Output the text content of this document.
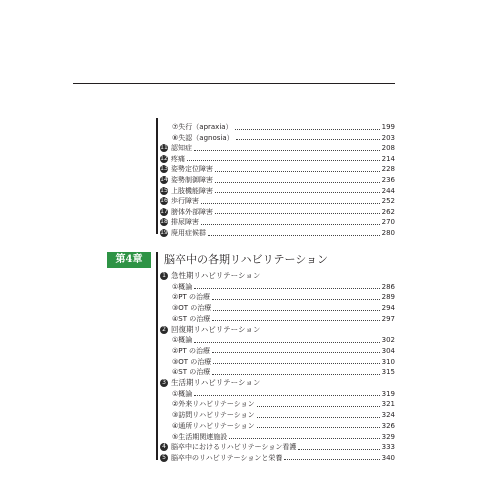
⑦失行（apraxia）	199
⑧失認（agnosia）	203
11 認知症	208
12 疼痛	214
13 姿勢定位障害	228
14 姿勢制御障害	236
15 上肢機能障害	244
16 歩行障害	252
17 膀体外部障害	262
18 排尿障害	270
19 廃用症候群	280
第4章	脳卒中の各期リハビリテーション
1 急性期リハビリテーション
①概論	286
②PT の治療	289
③OT の治療	294
④ST の治療	297
2 回復期リハビリテーション
①概論	302
②PT の治療	304
③OT の治療	310
④ST の治療	315
3 生活期リハビリテーション
①概論	319
②外来リハビリテーション	321
③訪問リハビリテーション	324
④通所リハビリテーション	326
⑤生活期関連施設	329
4 脳卒中におけるリハビリテーション看護	333
5 脳卒中のリハビリテーションと栄養	340
